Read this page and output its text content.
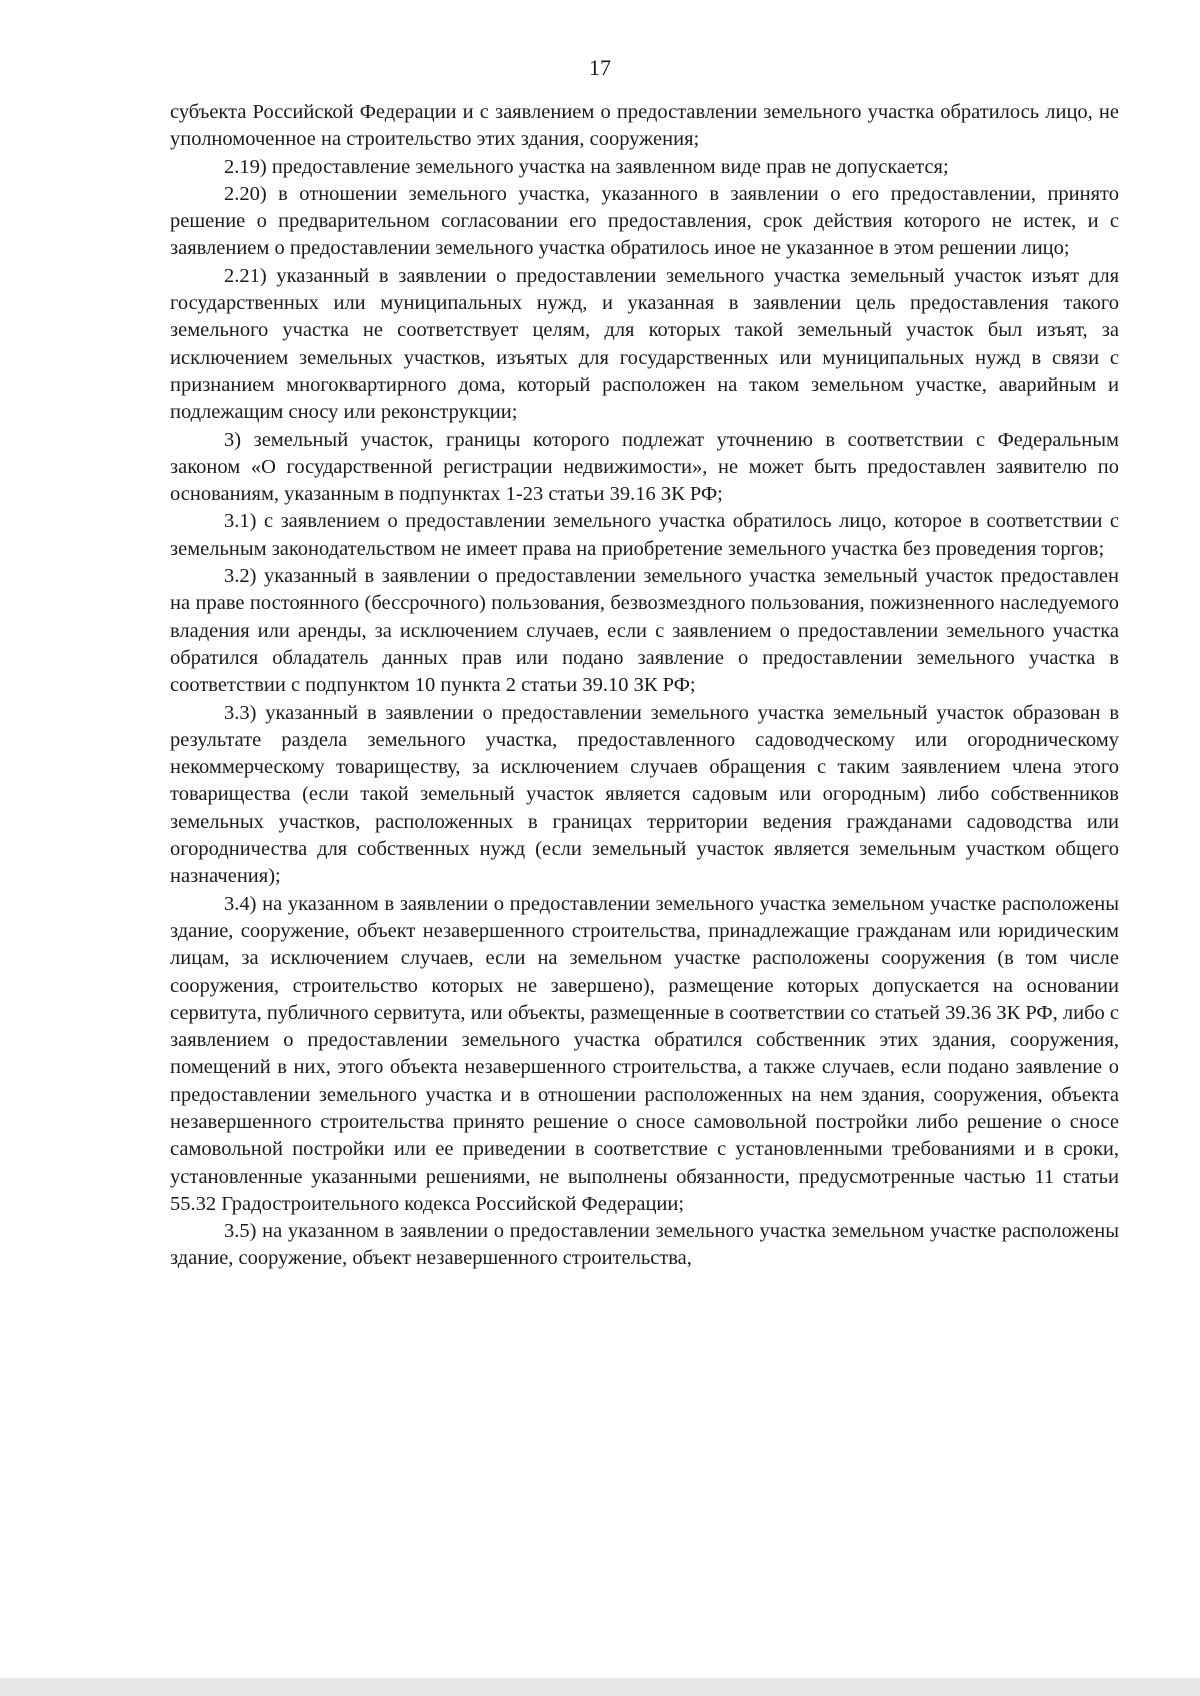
17

субъекта Российской Федерации и с заявлением о предоставлении земельного участка обратилось лицо, не уполномоченное на строительство этих здания, сооружения;

2.19) предоставление земельного участка на заявленном виде прав не допускается;

2.20) в отношении земельного участка, указанного в заявлении о его предоставлении, принято решение о предварительном согласовании его предоставления, срок действия которого не истек, и с заявлением о предоставлении земельного участка обратилось иное не указанное в этом решении лицо;

2.21) указанный в заявлении о предоставлении земельного участка земельный участок изъят для государственных или муниципальных нужд, и указанная в заявлении цель предоставления такого земельного участка не соответствует целям, для которых такой земельный участок был изъят, за исключением земельных участков, изъятых для государственных или муниципальных нужд в связи с признанием многоквартирного дома, который расположен на таком земельном участке, аварийным и подлежащим сносу или реконструкции;

3) земельный участок, границы которого подлежат уточнению в соответствии с Федеральным законом «О государственной регистрации недвижимости», не может быть предоставлен заявителю по основаниям, указанным в подпунктах 1-23 статьи 39.16 ЗК РФ;

3.1) с заявлением о предоставлении земельного участка обратилось лицо, которое в соответствии с земельным законодательством не имеет права на приобретение земельного участка без проведения торгов;

3.2) указанный в заявлении о предоставлении земельного участка земельный участок предоставлен на праве постоянного (бессрочного) пользования, безвозмездного пользования, пожизненного наследуемого владения или аренды, за исключением случаев, если с заявлением о предоставлении земельного участка обратился обладатель данных прав или подано заявление о предоставлении земельного участка в соответствии с подпунктом 10 пункта 2 статьи 39.10 ЗК РФ;

3.3) указанный в заявлении о предоставлении земельного участка земельный участок образован в результате раздела земельного участка, предоставленного садоводческому или огородническому некоммерческому товариществу, за исключением случаев обращения с таким заявлением члена этого товарищества (если такой земельный участок является садовым или огородным) либо собственников земельных участков, расположенных в границах территории ведения гражданами садоводства или огородничества для собственных нужд (если земельный участок является земельным участком общего назначения);

3.4) на указанном в заявлении о предоставлении земельного участка земельном участке расположены здание, сооружение, объект незавершенного строительства, принадлежащие гражданам или юридическим лицам, за исключением случаев, если на земельном участке расположены сооружения (в том числе сооружения, строительство которых не завершено), размещение которых допускается на основании сервитута, публичного сервитута, или объекты, размещенные в соответствии со статьей 39.36 ЗК РФ, либо с заявлением о предоставлении земельного участка обратился собственник этих здания, сооружения, помещений в них, этого объекта незавершенного строительства, а также случаев, если подано заявление о предоставлении земельного участка и в отношении расположенных на нем здания, сооружения, объекта незавершенного строительства принято решение о сносе самовольной постройки либо решение о сносе самовольной постройки или ее приведении в соответствие с установленными требованиями и в сроки, установленные указанными решениями, не выполнены обязанности, предусмотренные частью 11 статьи 55.32 Градостроительного кодекса Российской Федерации;

3.5) на указанном в заявлении о предоставлении земельного участка земельном участке расположены здание, сооружение, объект незавершенного строительства,
